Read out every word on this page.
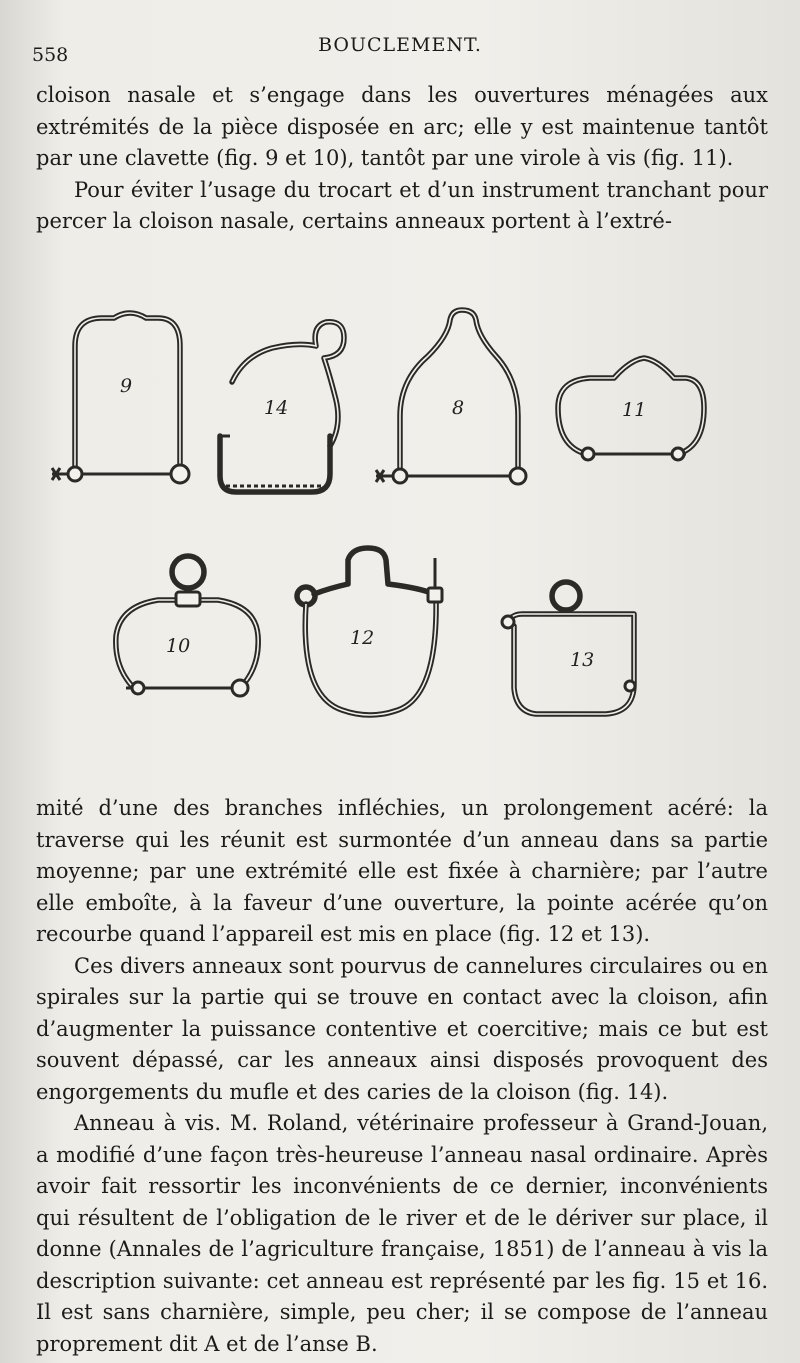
558	BOUCLEMENT.

cloison nasale et s’engage dans les ouvertures ménagées aux extrémités de la pièce disposée en arc; elle y est maintenue tantôt par une clavette (fig. 9 et 10), tantôt par une virole à vis (fig. 11).

Pour éviter l’usage du trocart et d’un instrument tranchant pour percer la cloison nasale, certains anneaux portent à l’extré-

9
14	8	11
10	12
13

mité d’une des branches infléchies, un prolongement acéré: la traverse qui les réunit est surmontée d’un anneau dans sa partie moyenne; par une extrémité elle est fixée à charnière; par l’autre elle emboîte, à la faveur d’une ouverture, la pointe acérée qu’on recourbe quand l’appareil est mis en place (fig. 12 et 13).

Ces divers anneaux sont pourvus de cannelures circulaires ou en spirales sur la partie qui se trouve en contact avec la cloison, afin d’augmenter la puissance contentive et coercitive; mais ce but est souvent dépassé, car les anneaux ainsi disposés provoquent des engorgements du mufle et des caries de la cloison (fig. 14).

Anneau à vis. M. Roland, vétérinaire professeur à Grand-Jouan, a modifié d’une façon très-heureuse l’anneau nasal ordinaire. Après avoir fait ressortir les inconvénients de ce dernier, inconvénients qui résultent de l’obligation de le river et de le dériver sur place, il donne (Annales de l’agriculture française, 1851) de l’anneau à vis la description suivante: cet anneau est représenté par les fig. 15 et 16. Il est sans charnière, simple, peu cher; il se compose de l’anneau proprement dit A et de l’anse B.
